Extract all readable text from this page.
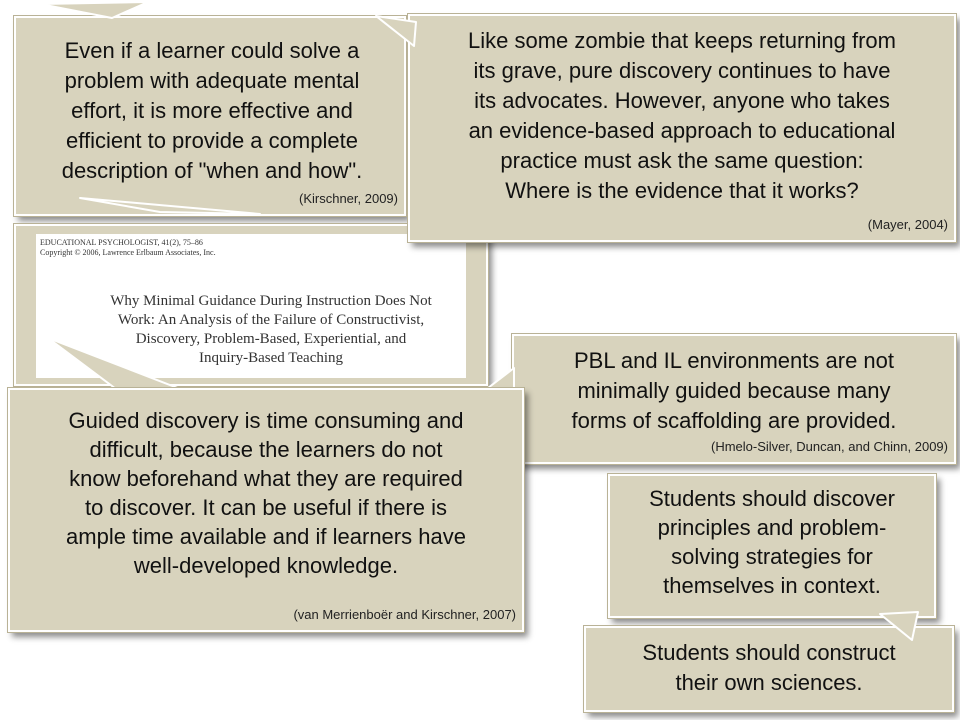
Even if a learner could solve a
problem with adequate mental
effort, it is more effective and
efficient to provide a complete
description of "when and how".
(Kirschner, 2009)
Like some zombie that keeps returning from
its grave, pure discovery continues to have
its advocates. However, anyone who takes
an evidence-based approach to educational
practice must ask the same question:
Where is the evidence that it works?
(Mayer, 2004)
EDUCATIONAL PSYCHOLOGIST, 41(2), 75–86
Copyright © 2006, Lawrence Erlbaum Associates, Inc.
Why Minimal Guidance During Instruction Does Not
Work: An Analysis of the Failure of Constructivist,
Discovery, Problem-Based, Experiential, and
Inquiry-Based Teaching	PBL and IL environments are not
minimally guided because many
forms of scaffolding are provided.
(Hmelo-Silver, Duncan, and Chinn, 2009)
Guided discovery is time consuming and
difficult, because the learners do not
know beforehand what they are required
to discover. It can be useful if there is
ample time available and if learners have
well-developed knowledge.
(van Merrienboër and Kirschner, 2007)
Students should discover
principles and problem-
solving strategies for
themselves in context.
Students should construct
their own sciences.
